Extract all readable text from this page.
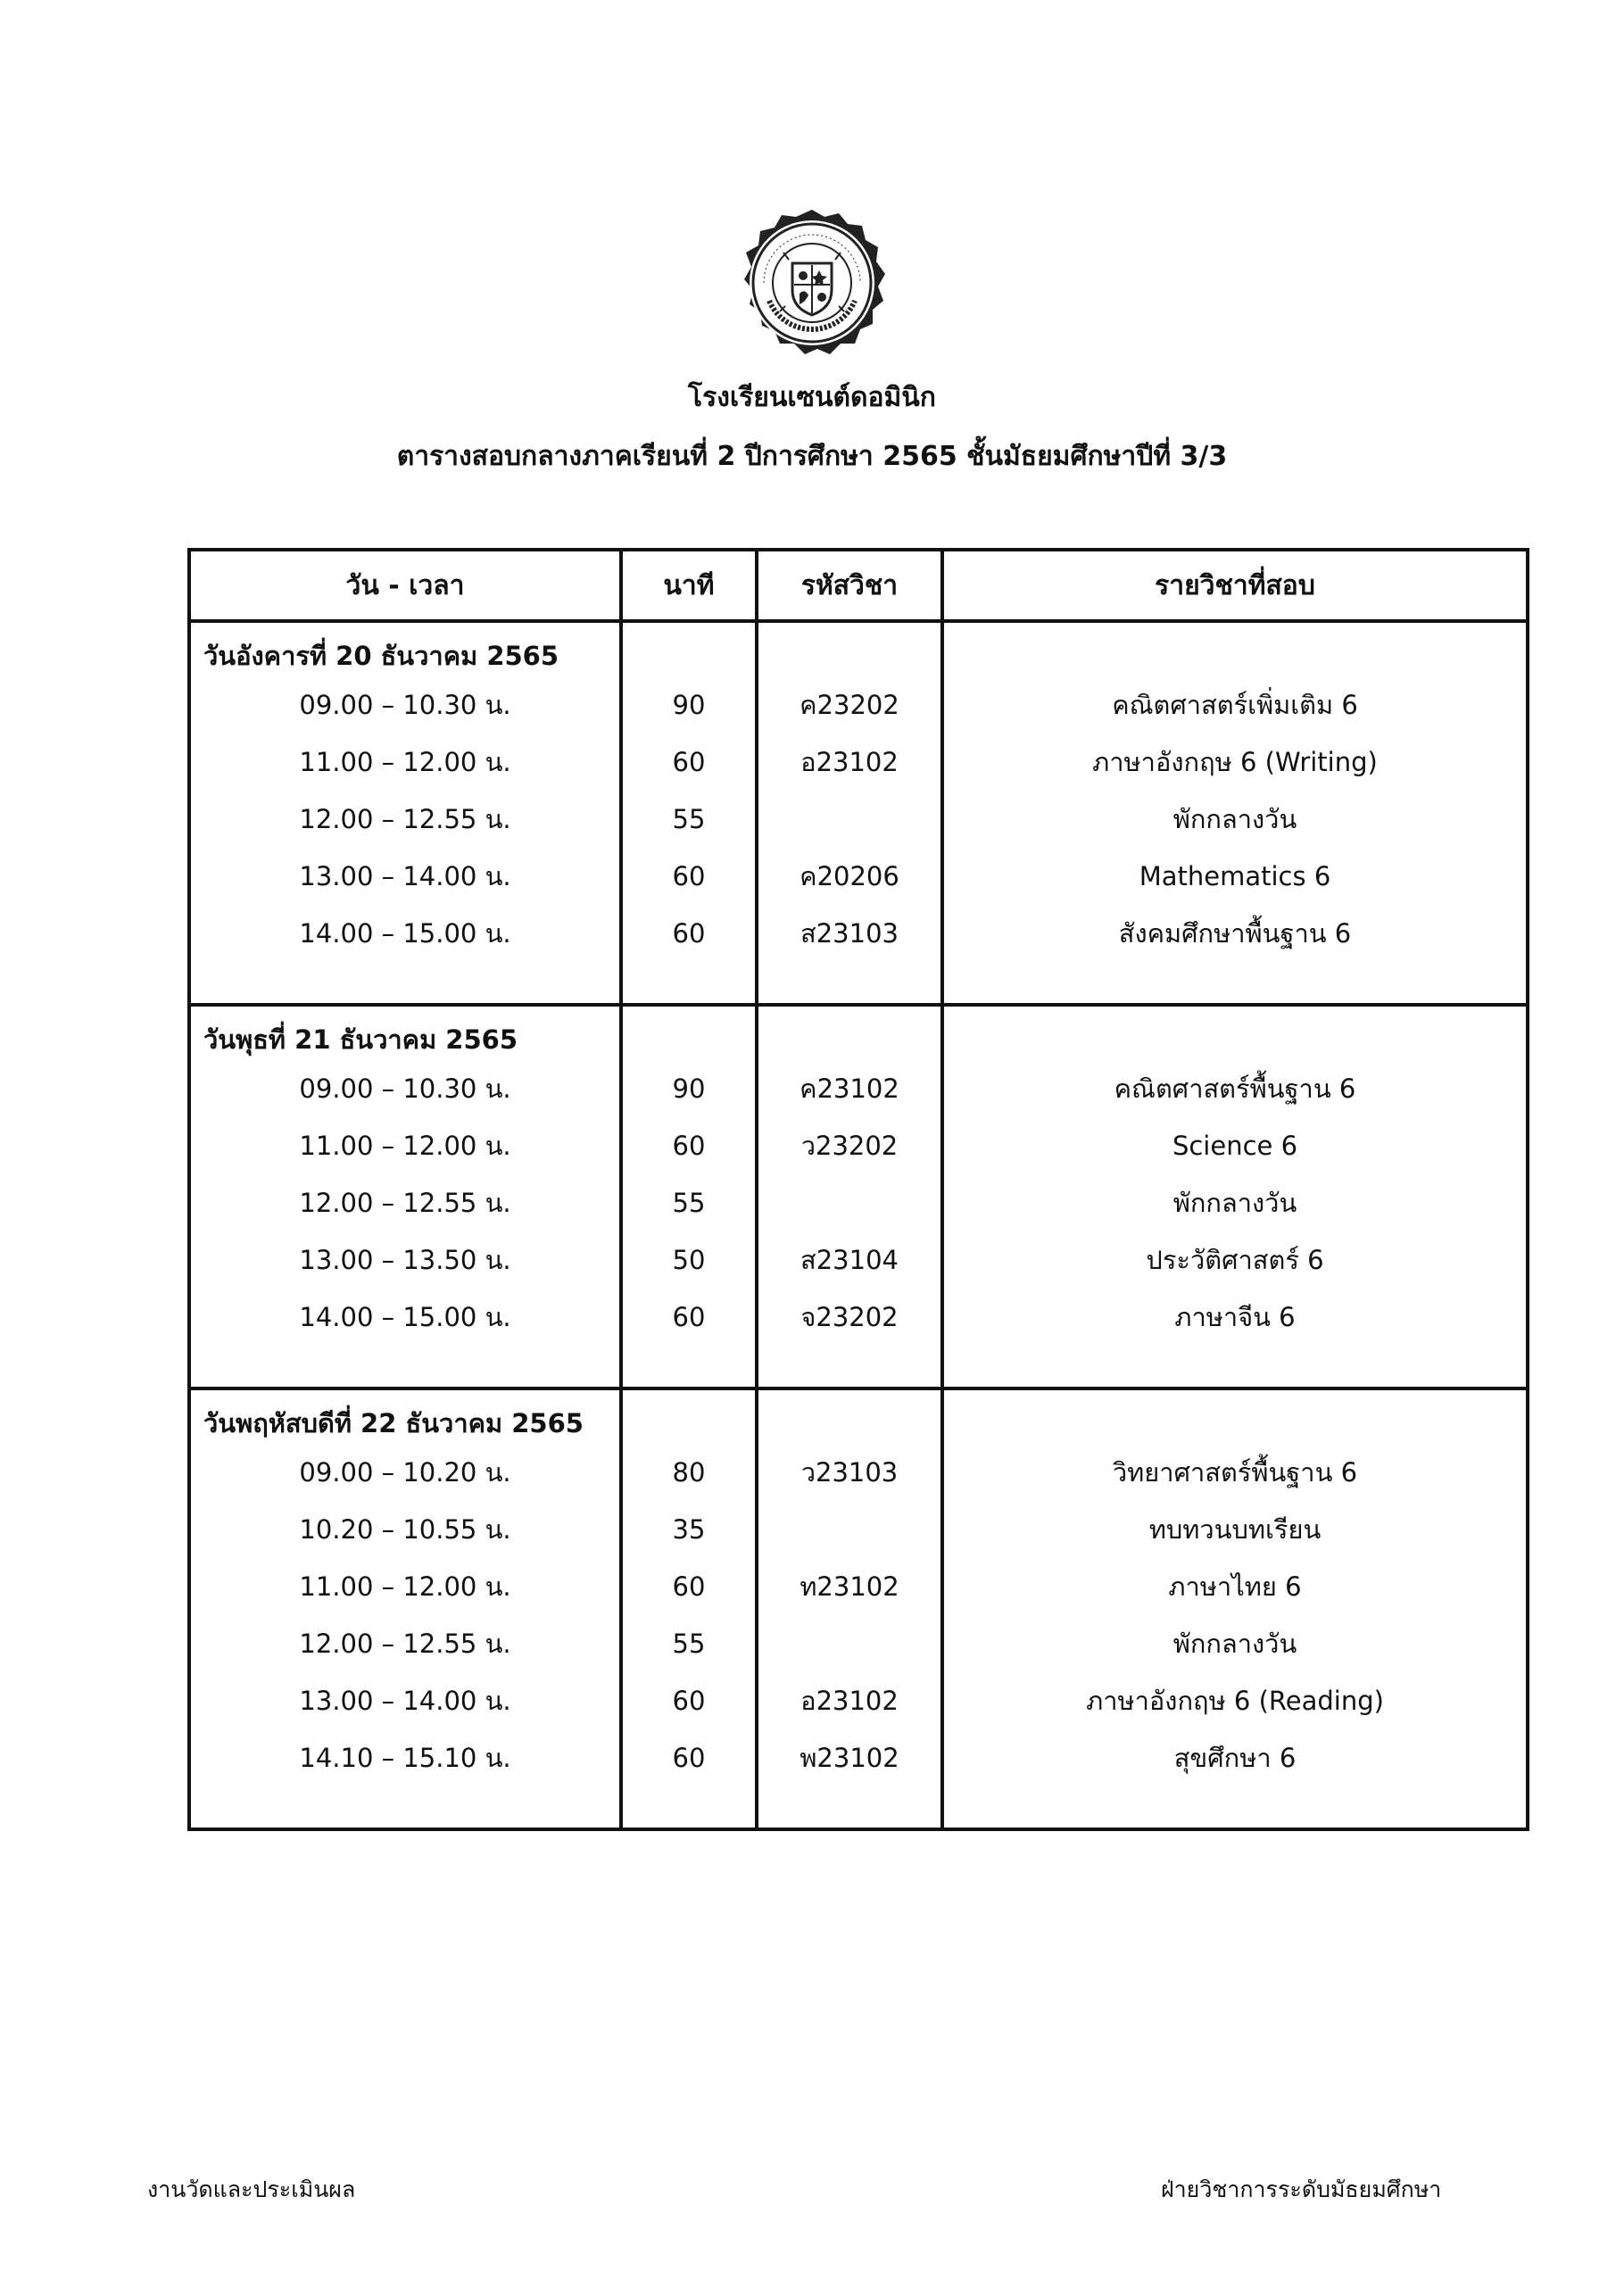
โรงเรียนเซนต์ดอมินิก
ตารางสอบกลางภาคเรียนที่ 2 ปีการศึกษา 2565 ชั้นมัธยมศึกษาปีที่ 3/3
วัน - เวลา	นาที	รหัสวิชา	รายวิชาที่สอบ
วันอังคารที่ 20 ธันวาคม 2565			
09.00 – 10.30 น.	90	ค23202	คณิตศาสตร์เพิ่มเติม 6
11.00 – 12.00 น.	60	อ23102	ภาษาอังกฤษ 6 (Writing)
12.00 – 12.55 น.	55		พักกลางวัน
13.00 – 14.00 น.	60	ค20206	Mathematics 6
14.00 – 15.00 น.	60	ส23103	สังคมศึกษาพื้นฐาน 6

วันพุธที่ 21 ธันวาคม 2565			
09.00 – 10.30 น.	90	ค23102	คณิตศาสตร์พื้นฐาน 6
11.00 – 12.00 น.	60	ว23202	Science 6
12.00 – 12.55 น.	55		พักกลางวัน
13.00 – 13.50 น.	50	ส23104	ประวัติศาสตร์ 6
14.00 – 15.00 น.	60	จ23202	ภาษาจีน 6

วันพฤหัสบดีที่ 22 ธันวาคม 2565			
09.00 – 10.20 น.	80	ว23103	วิทยาศาสตร์พื้นฐาน 6
10.20 – 10.55 น.	35		ทบทวนบทเรียน
11.00 – 12.00 น.	60	ท23102	ภาษาไทย 6
12.00 – 12.55 น.	55		พักกลางวัน
13.00 – 14.00 น.	60	อ23102	ภาษาอังกฤษ 6 (Reading)
14.10 – 15.10 น.	60	พ23102	สุขศึกษา 6

งานวัดและประเมินผล	ฝ่ายวิชาการระดับมัธยมศึกษา
